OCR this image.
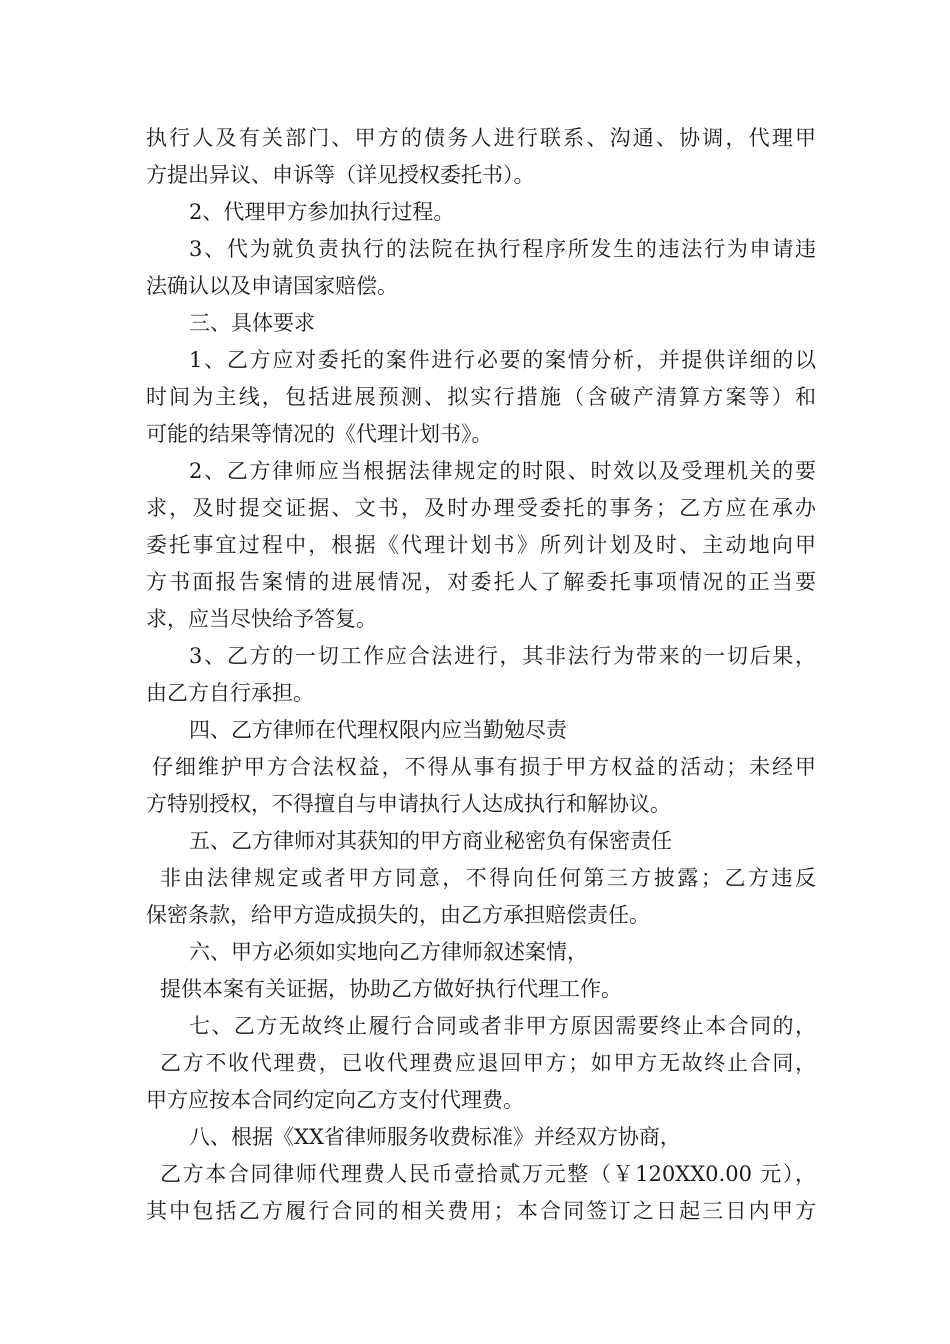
执行人及有关部门、甲方的债务人进行联系、沟通、协调，代理甲
方提出异议、申诉等（详见授权委托书）。
2、代理甲方参加执行过程。
3、代为就负责执行的法院在执行程序所发生的违法行为申请违
法确认以及申请国家赔偿。
三、具体要求
1、乙方应对委托的案件进行必要的案情分析，并提供详细的以
时间为主线，包括进展预测、拟实行措施（含破产清算方案等）和
可能的结果等情况的《代理计划书》。
2、乙方律师应当根据法律规定的时限、时效以及受理机关的要
求，及时提交证据、文书，及时办理受委托的事务；乙方应在承办
委托事宜过程中，根据《代理计划书》所列计划及时、主动地向甲
方书面报告案情的进展情况，对委托人了解委托事项情况的正当要
求，应当尽快给予答复。
3、乙方的一切工作应合法进行，其非法行为带来的一切后果，
由乙方自行承担。
四、乙方律师在代理权限内应当勤勉尽责
仔细维护甲方合法权益，不得从事有损于甲方权益的活动；未经甲
方特别授权，不得擅自与申请执行人达成执行和解协议。
五、乙方律师对其获知的甲方商业秘密负有保密责任
非由法律规定或者甲方同意，不得向任何第三方披露；乙方违反
保密条款，给甲方造成损失的，由乙方承担赔偿责任。
六、甲方必须如实地向乙方律师叙述案情，
提供本案有关证据，协助乙方做好执行代理工作。
七、乙方无故终止履行合同或者非甲方原因需要终止本合同的，
乙方不收代理费，已收代理费应退回甲方；如甲方无故终止合同，
甲方应按本合同约定向乙方支付代理费。
八、根据《XX省律师服务收费标准》并经双方协商，
乙方本合同律师代理费人民币壹拾贰万元整（￥120XX0.00 元），
其中包括乙方履行合同的相关费用；本合同签订之日起三日内甲方
